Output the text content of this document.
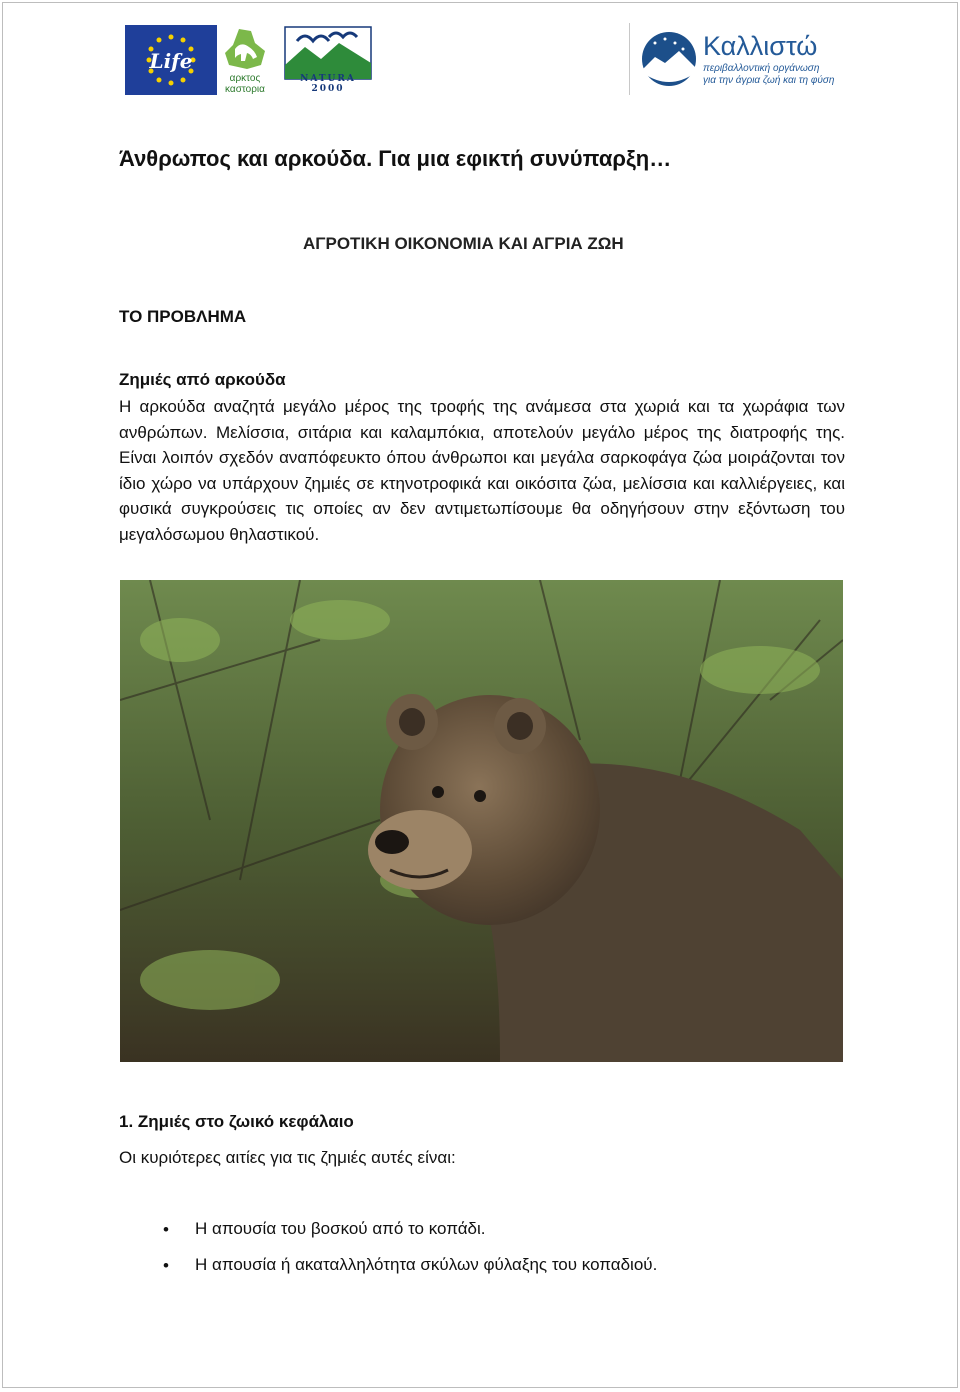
Life
αρκτος
καστορια
NATURA 2000
Καλλιστώ
περιβαλλοντική οργάνωση
για την άγρια ζωή και τη φύση
Άνθρωπος και αρκούδα. Για μια εφικτή συνύπαρξη…
ΑΓΡΟΤΙΚΗ ΟΙΚΟΝΟΜΙΑ ΚΑΙ ΑΓΡΙΑ ΖΩΗ
ΤΟ ΠΡΟΒΛΗΜΑ
Ζημιές από αρκούδα
Η αρκούδα αναζητά μεγάλο μέρος της τροφής της ανάμεσα στα χωριά και τα χωράφια των ανθρώπων. Μελίσσια, σιτάρια και καλαμπόκια, αποτελούν μεγάλο μέρος της διατροφής της. Είναι λοιπόν σχεδόν αναπόφευκτο όπου άνθρωποι και μεγάλα σαρκοφάγα ζώα μοιράζονται τον ίδιο χώρο να υπάρχουν ζημιές σε κτηνοτροφικά και οικόσιτα ζώα, μελίσσια και καλλιέργειες, και φυσικά συγκρούσεις τις οποίες αν δεν αντιμετωπίσουμε θα οδηγήσουν στην εξόντωση του μεγαλόσωμου θηλαστικού.
1. Ζημιές στο ζωικό κεφάλαιο
Οι κυριότερες αιτίες για τις ζημιές αυτές είναι:
• Η απουσία του βοσκού από το κοπάδι.
• Η απουσία ή ακαταλληλότητα σκύλων φύλαξης του κοπαδιού.
